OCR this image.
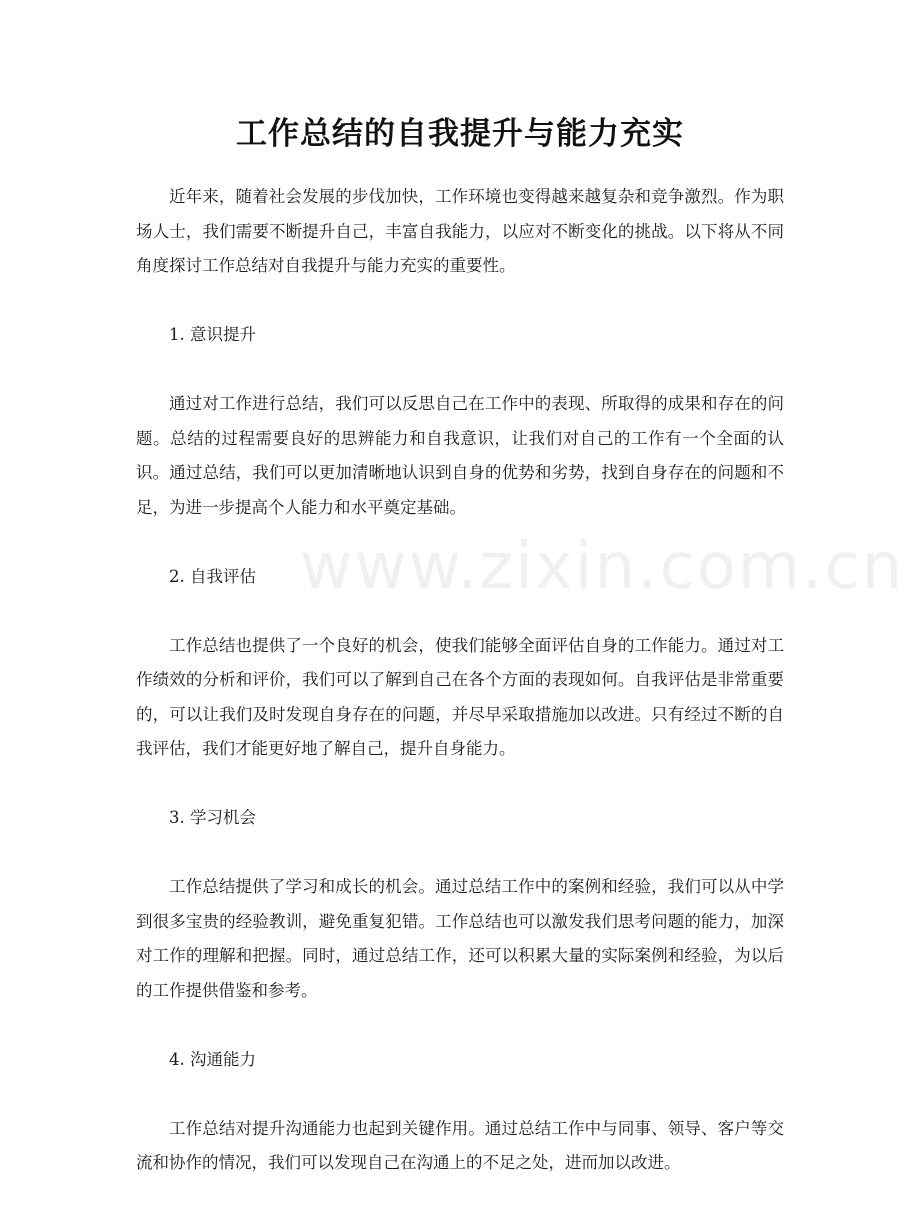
工作总结的自我提升与能力充实

近年来，随着社会发展的步伐加快，工作环境也变得越来越复杂和竞争激烈。作为职场人士，我们需要不断提升自己，丰富自我能力，以应对不断变化的挑战。以下将从不同角度探讨工作总结对自我提升与能力充实的重要性。

1. 意识提升

通过对工作进行总结，我们可以反思自己在工作中的表现、所取得的成果和存在的问题。总结的过程需要良好的思辨能力和自我意识，让我们对自己的工作有一个全面的认识。通过总结，我们可以更加清晰地认识到自身的优势和劣势，找到自身存在的问题和不足，为进一步提高个人能力和水平奠定基础。

2. 自我评估

工作总结也提供了一个良好的机会，使我们能够全面评估自身的工作能力。通过对工作绩效的分析和评价，我们可以了解到自己在各个方面的表现如何。自我评估是非常重要的，可以让我们及时发现自身存在的问题，并尽早采取措施加以改进。只有经过不断的自我评估，我们才能更好地了解自己，提升自身能力。

3. 学习机会

工作总结提供了学习和成长的机会。通过总结工作中的案例和经验，我们可以从中学到很多宝贵的经验教训，避免重复犯错。工作总结也可以激发我们思考问题的能力，加深对工作的理解和把握。同时，通过总结工作，还可以积累大量的实际案例和经验，为以后的工作提供借鉴和参考。

4. 沟通能力

工作总结对提升沟通能力也起到关键作用。通过总结工作中与同事、领导、客户等交流和协作的情况，我们可以发现自己在沟通上的不足之处，进而加以改进。

www.zixin.com.cn
